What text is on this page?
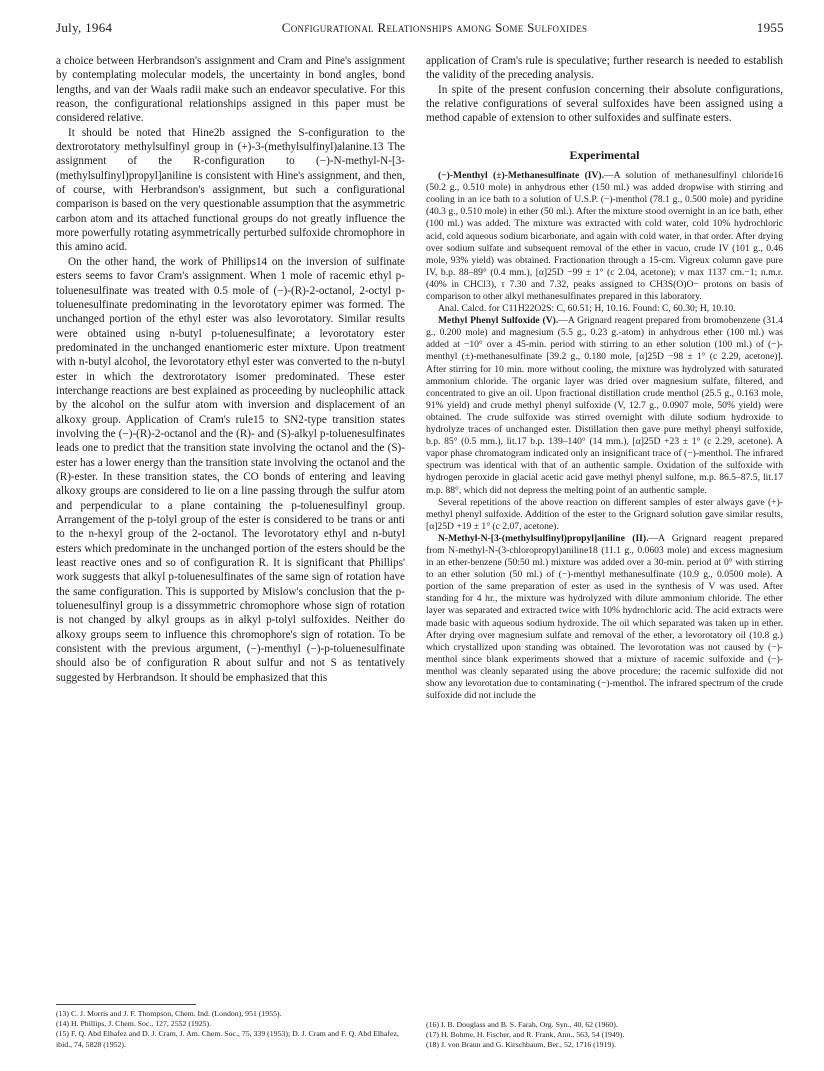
July, 1964	Configurational Relationships among Some Sulfoxides	1955

a choice between Herbrandson's assignment and Cram and Pine's assignment by contemplating molecular models, the uncertainty in bond angles, bond lengths, and van der Waals radii make such an endeavor speculative. For this reason, the configurational relationships assigned in this paper must be considered relative.

It should be noted that Hine2b assigned the S-configuration to the dextrorotatory methylsulfinyl group in (+)-3-(methylsulfinyl)alanine.13 The assignment of the R-configuration to (−)-N-methyl-N-[3-(methylsulfinyl)propyl]aniline is consistent with Hine's assignment, and then, of course, with Herbrandson's assignment, but such a configurational comparison is based on the very questionable assumption that the asymmetric carbon atom and its attached functional groups do not greatly influence the more powerfully rotating asymmetrically perturbed sulfoxide chromophore in this amino acid.

On the other hand, the work of Phillips14 on the inversion of sulfinate esters seems to favor Cram's assignment. When 1 mole of racemic ethyl p-toluenesulfinate was treated with 0.5 mole of (−)-(R)-2-octanol, 2-octyl p-toluenesulfinate predominating in the levorotatory epimer was formed. The unchanged portion of the ethyl ester was also levorotatory. Similar results were obtained using n-butyl p-toluenesulfinate; a levorotatory ester predominated in the unchanged enantiomeric ester mixture. Upon treatment with n-butyl alcohol, the levorotatory ethyl ester was converted to the n-butyl ester in which the dextrorotatory isomer predominated. These ester interchange reactions are best explained as proceeding by nucleophilic attack by the alcohol on the sulfur atom with inversion and displacement of an alkoxy group. Application of Cram's rule15 to SN2-type transition states involving the (−)-(R)-2-octanol and the (R)- and (S)-alkyl p-toluenesulfinates leads one to predict that the transition state involving the octanol and the (S)-ester has a lower energy than the transition state involving the octanol and the (R)-ester. In these transition states, the CO bonds of entering and leaving alkoxy groups are considered to lie on a line passing through the sulfur atom and perpendicular to a plane containing the p-toluenesulfinyl group. Arrangement of the p-tolyl group of the ester is considered to be trans or anti to the n-hexyl group of the 2-octanol. The levorotatory ethyl and n-butyl esters which predominate in the unchanged portion of the esters should be the least reactive ones and so of configuration R. It is significant that Phillips' work suggests that alkyl p-toluenesulfinates of the same sign of rotation have the same configuration. This is supported by Mislow's conclusion that the p-toluenesulfinyl group is a dissymmetric chromophore whose sign of rotation is not changed by alkyl groups as in alkyl p-tolyl sulfoxides. Neither do alkoxy groups seem to influence this chromophore's sign of rotation. To be consistent with the previous argument, (−)-menthyl (−)-p-toluenesulfinate should also be of configuration R about sulfur and not S as tentatively suggested by Herbrandson. It should be emphasized that this

application of Cram's rule is speculative; further research is needed to establish the validity of the preceding analysis.

In spite of the present confusion concerning their absolute configurations, the relative configurations of several sulfoxides have been assigned using a method capable of extension to other sulfoxides and sulfinate esters.

Experimental

(−)-Menthyl (±)-Methanesulfinate (IV).—A solution of methanesulfinyl chloride16 (50.2 g., 0.510 mole) in anhydrous ether (150 ml.) was added dropwise with stirring and cooling in an ice bath to a solution of U.S.P. (−)-menthol (78.1 g., 0.500 mole) and pyridine (40.3 g., 0.510 mole) in ether (50 ml.). After the mixture stood overnight in an ice bath, ether (100 ml.) was added. The mixture was extracted with cold water, cold 10% hydrochloric acid, cold aqueous sodium bicarbonate, and again with cold water, in that order. After drying over sodium sulfate and subsequent removal of the ether in vacuo, crude IV (101 g., 0.46 mole, 93% yield) was obtained. Fractionation through a 15-cm. Vigreux column gave pure IV, b.p. 88–89° (0.4 mm.), [α]25D −99 ± 1° (c 2.04, acetone); ν max 1137 cm.−1; n.m.r. (40% in CHCl3), τ 7.30 and 7.32, peaks assigned to CH3S(O)O− protons on basis of comparison to other alkyl methanesulfinates prepared in this laboratory.

Anal. Calcd. for C11H22O2S: C, 60.51; H, 10.16. Found: C, 60.30; H, 10.10.

Methyl Phenyl Sulfoxide (V).—A Grignard reagent prepared from bromobenzene (31.4 g., 0.200 mole) and magnesium (5.5 g., 0.23 g.-atom) in anhydrous ether (100 ml.) was added at −10° over a 45-min. period with stirring to an ether solution (100 ml.) of (−)-menthyl (±)-methanesulfinate [39.2 g., 0.180 mole, [α]25D −98 ± 1° (c 2.29, acetone)]. After stirring for 10 min. more without cooling, the mixture was hydrolyzed with saturated ammonium chloride. The organic layer was dried over magnesium sulfate, filtered, and concentrated to give an oil. Upon fractional distillation crude menthol (25.5 g., 0.163 mole, 91% yield) and crude methyl phenyl sulfoxide (V, 12.7 g., 0.0907 mole, 50% yield) were obtained. The crude sulfoxide was stirred overnight with dilute sodium hydroxide to hydrolyze traces of unchanged ester. Distillation then gave pure methyl phenyl sulfoxide, b.p. 85° (0.5 mm.), lit.17 b.p. 139–140° (14 mm.), [α]25D +23 ± 1° (c 2.29, acetone). A vapor phase chromatogram indicated only an insignificant trace of (−)-menthol. The infrared spectrum was identical with that of an authentic sample. Oxidation of the sulfoxide with hydrogen peroxide in glacial acetic acid gave methyl phenyl sulfone, m.p. 86.5–87.5, lit.17 m.p. 88°, which did not depress the melting point of an authentic sample.

Several repetitions of the above reaction on different samples of ester always gave (+)-methyl phenyl sulfoxide. Addition of the ester to the Grignard solution gave similar results, [α]25D +19 ± 1° (c 2.07, acetone).

N-Methyl-N-[3-(methylsulfinyl)propyl]aniline (II).—A Grignard reagent prepared from N-methyl-N-(3-chloropropyl)aniline18 (11.1 g., 0.0603 mole) and excess magnesium in an ether-benzene (50:50 ml.) mixture was added over a 30-min. period at 0° with stirring to an ether solution (50 ml.) of (−)-menthyl methanesulfinate (10.9 g., 0.0500 mole). A portion of the same preparation of ester as used in the synthesis of V was used. After standing for 4 hr., the mixture was hydrolyzed with dilute ammonium chloride. The ether layer was separated and extracted twice with 10% hydrochloric acid. The acid extracts were made basic with aqueous sodium hydroxide. The oil which separated was taken up in ether. After drying over magnesium sulfate and removal of the ether, a levorotatory oil (10.8 g.) which crystallized upon standing was obtained. The levorotation was not caused by (−)-menthol since blank experiments showed that a mixture of racemic sulfoxide and (−)-menthol was cleanly separated using the above procedure; the racemic sulfoxide did not show any levorotation due to contaminating (−)-menthol. The infrared spectrum of the crude sulfoxide did not include the

(13) C. J. Morris and J. F. Thompson, Chem. Ind. (London), 951 (1955).

(14) H. Phillips, J. Chem. Soc., 127, 2552 (1925).

(15) F. Q. Abd Elhafez and D. J. Cram, J. Am. Chem. Soc., 75, 339 (1953); D. J. Cram and F. Q. Abd Elhafez, ibid., 74, 5828 (1952).

(16) I. B. Douglass and B. S. Farah, Org. Syn., 40, 62 (1960).

(17) H. Bohme, H. Fischer, and R. Frank, Ann., 563, 54 (1949).

(18) J. von Braun and G. Kirschbaum, Ber., 52, 1716 (1919).
